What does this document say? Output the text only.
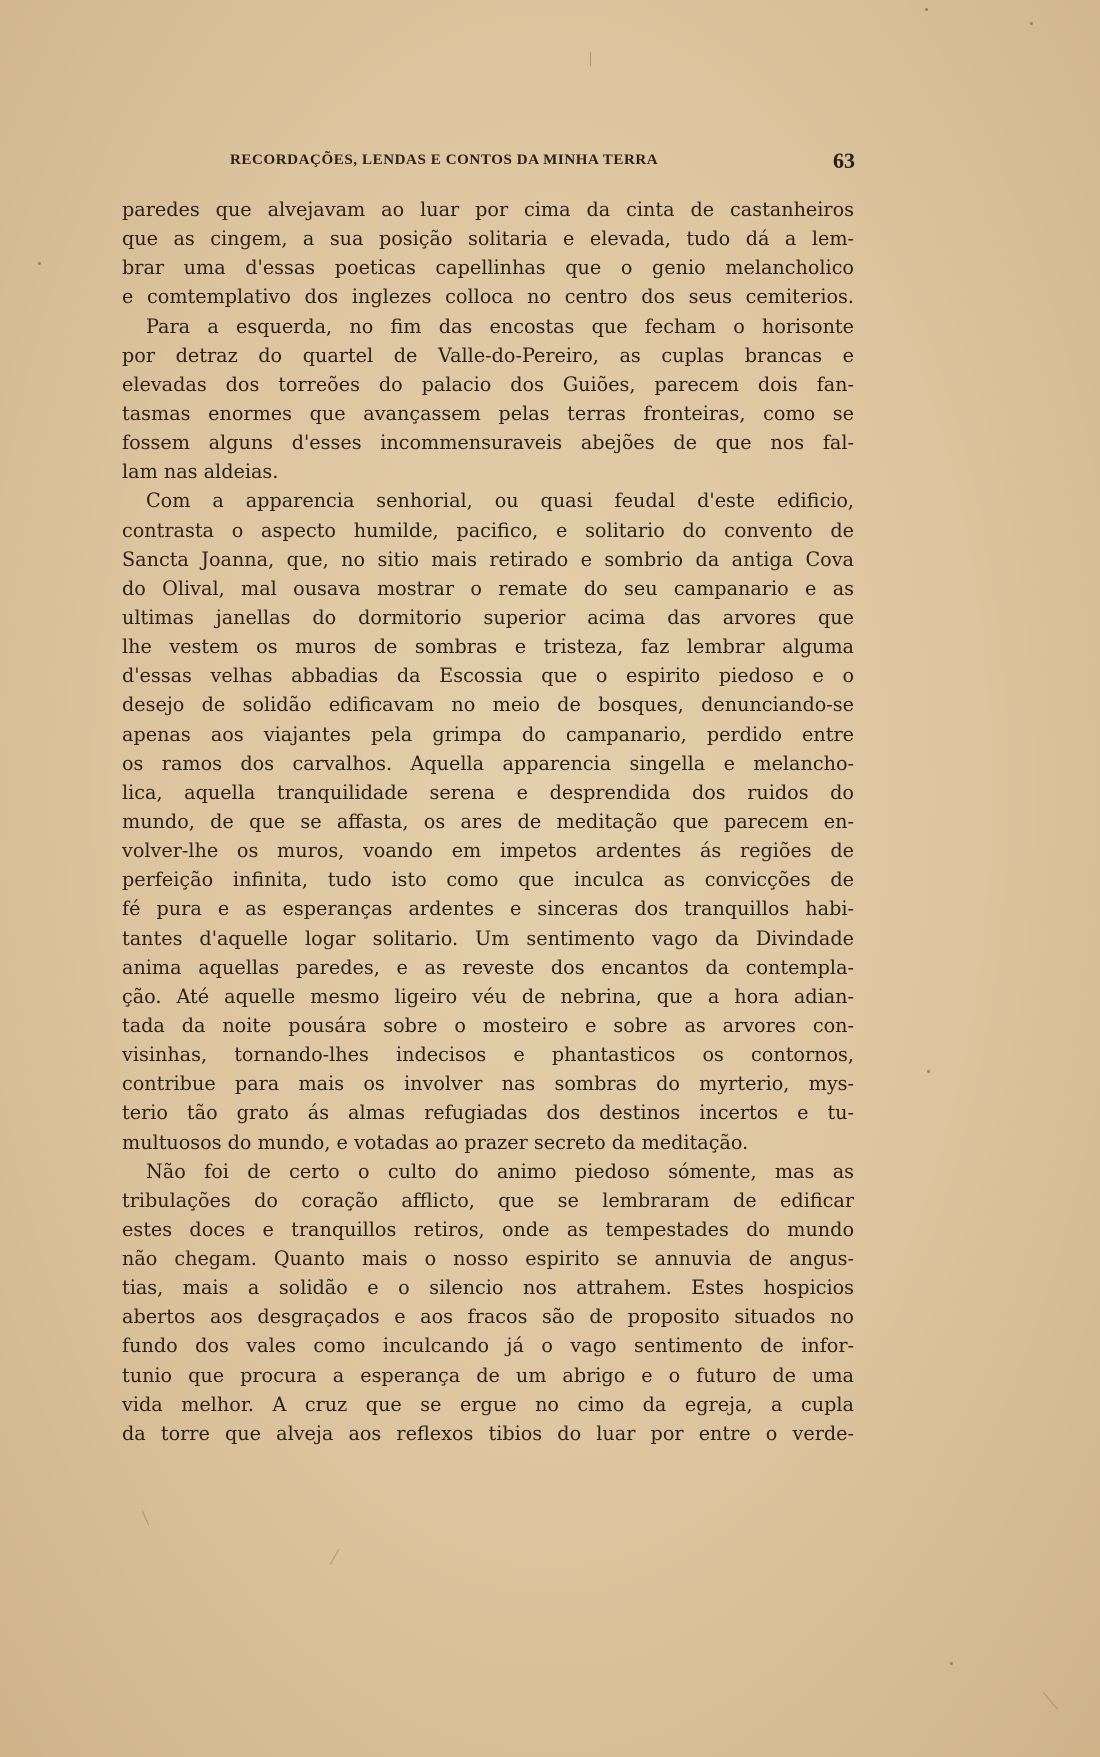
RECORDAÇÕES, LENDAS E CONTOS DA MINHA TERRA	63
paredes que alvejavam ao luar por cima da cinta de castanheiros
que as cingem, a sua posição solitaria e elevada, tudo dá a lem-
brar uma d'essas poeticas capellinhas que o genio melancholico
e comtemplativo dos inglezes colloca no centro dos seus cemiterios.
Para a esquerda, no fim das encostas que fecham o horisonte
por detraz do quartel de Valle-do-Pereiro, as cuplas brancas e
elevadas dos torreões do palacio dos Guiões, parecem dois fan-
tasmas enormes que avançassem pelas terras fronteiras, como se
fossem alguns d'esses incommensuraveis abejões de que nos fal-
lam nas aldeias.
Com a apparencia senhorial, ou quasi feudal d'este edificio,
contrasta o aspecto humilde, pacifico, e solitario do convento de
Sancta Joanna, que, no sitio mais retirado e sombrio da antiga Cova
do Olival, mal ousava mostrar o remate do seu campanario e as
ultimas janellas do dormitorio superior acima das arvores que
lhe vestem os muros de sombras e tristeza, faz lembrar alguma
d'essas velhas abbadias da Escossia que o espirito piedoso e o
desejo de solidão edificavam no meio de bosques, denunciando-se
apenas aos viajantes pela grimpa do campanario, perdido entre
os ramos dos carvalhos. Aquella apparencia singella e melancho-
lica, aquella tranquilidade serena e desprendida dos ruidos do
mundo, de que se affasta, os ares de meditação que parecem en-
volver-lhe os muros, voando em impetos ardentes ás regiões de
perfeição infinita, tudo isto como que inculca as convicções de
fé pura e as esperanças ardentes e sinceras dos tranquillos habi-
tantes d'aquelle logar solitario. Um sentimento vago da Divindade
anima aquellas paredes, e as reveste dos encantos da contempla-
ção. Até aquelle mesmo ligeiro véu de nebrina, que a hora adian-
tada da noite pousára sobre o mosteiro e sobre as arvores con-
visinhas, tornando-lhes indecisos e phantasticos os contornos,
contribue para mais os involver nas sombras do myrterio, mys-
terio tão grato ás almas refugiadas dos destinos incertos e tu-
multuosos do mundo, e votadas ao prazer secreto da meditação.
Não foi de certo o culto do animo piedoso sómente, mas as
tribulações do coração afflicto, que se lembraram de edificar
estes doces e tranquillos retiros, onde as tempestades do mundo
não chegam. Quanto mais o nosso espirito se annuvia de angus-
tias, mais a solidão e o silencio nos attrahem. Estes hospicios
abertos aos desgraçados e aos fracos são de proposito situados no
fundo dos vales como inculcando já o vago sentimento de infor-
tunio que procura a esperança de um abrigo e o futuro de uma
vida melhor. A cruz que se ergue no cimo da egreja, a cupla
da torre que alveja aos reflexos tibios do luar por entre o verde-
